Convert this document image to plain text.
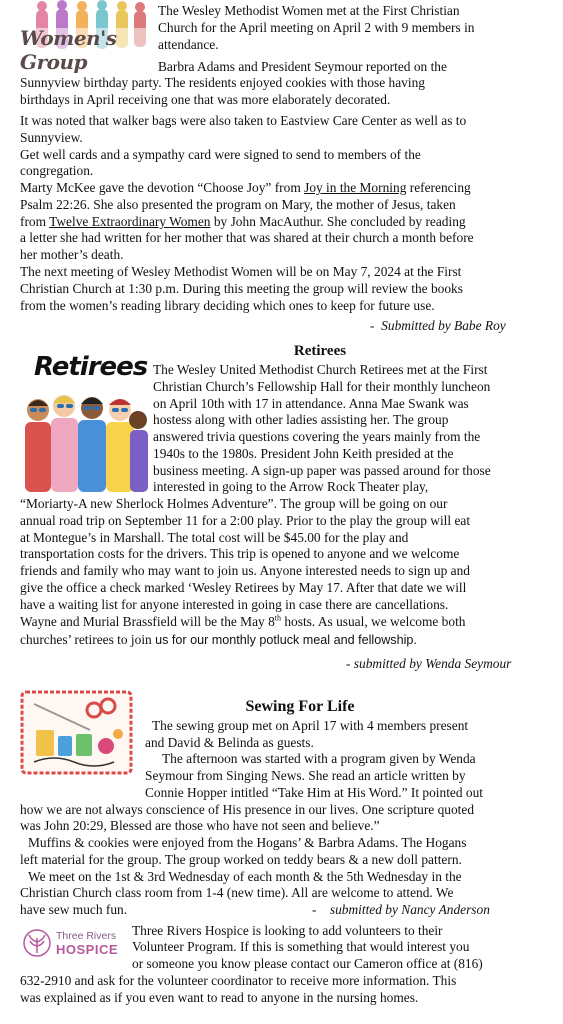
Women's Group

The Wesley Methodist Women met at the First Christian

Church for the April meeting on April 2 with 9 members in

attendance.

Barbra Adams and President Seymour reported on the

Sunnyview birthday party. The residents enjoyed cookies with those having

birthdays in April receiving one that was more elaborately decorated.

It was noted that walker bags were also taken to Eastview Care Center as well as to

Sunnyview.

Get well cards and a sympathy card were signed to send to members of the

congregation.

Marty McKee gave the devotion “Choose Joy” from Joy in the Morning referencing

Psalm 22:26. She also presented the program on Mary, the mother of Jesus, taken

from Twelve Extraordinary Women by John MacAuthur. She concluded by reading

a letter she had written for her mother that was shared at their church a month before

her mother’s death.

The next meeting of Wesley Methodist Women will be on May 7, 2024 at the First

Christian Church at 1:30 p.m. During this meeting the group will review the books

from the women’s reading library deciding which ones to keep for future use.

- Submitted by Babe Roy

Retirees
Retirees The Wesley United Methodist Church Retirees met at the First

Christian Church’s Fellowship Hall for their monthly luncheon

on April 10th with 17 in attendance. Anna Mae Swank was

hostess along with other ladies assisting her. The group

answered trivia questions covering the years mainly from the

1940s to the 1980s. President John Keith presided at the

business meeting. A sign-up paper was passed around for those

interested in going to the Arrow Rock Theater play,

“Moriarty-A new Sherlock Holmes Adventure”. The group will be going on our

annual road trip on September 11 for a 2:00 play. Prior to the play the group will eat

at Montegue’s in Marshall. The total cost will be $45.00 for the play and

transportation costs for the drivers. This trip is opened to anyone and we welcome

friends and family who may want to join us. Anyone interested needs to sign up and

give the office a check marked ‘Wesley Retirees by May 17. After that date we will

have a waiting list for anyone interested in going in case there are cancellations.

Wayne and Murial Brassfield will be the May 8th hosts. As usual, we welcome both

churches’ retirees to join us for our monthly potluck meal and fellowship.

- submitted by Wenda Seymour

Sewing For Life

The sewing group met on April 17 with 4 members present

and David & Belinda as guests.

The afternoon was started with a program given by Wenda

Seymour from Singing News. She read an article written by

Connie Hopper intitled “Take Him at His Word.” It pointed out

how we are not always conscience of His presence in our lives. One scripture quoted

was John 20:29, Blessed are those who have not seen and believe.”

Muffins & cookies were enjoyed from the Hogans’ & Barbra Adams. The Hogans

left material for the group. The group worked on teddy bears & a new doll pattern.

We meet on the 1st & 3rd Wednesday of each month & the 5th Wednesday in the

Christian Church class room from 1-4 (new time). All are welcome to attend. We

have sew much fun.	- submitted by Nancy Anderson

Three Rivers
HOSPICE

Three Rivers Hospice is looking to add volunteers to their

Volunteer Program. If this is something that would interest you

or someone you know please contact our Cameron office at (816)

632-2910 and ask for the volunteer coordinator to receive more information. This

was explained as if you even want to read to anyone in the nursing homes.
